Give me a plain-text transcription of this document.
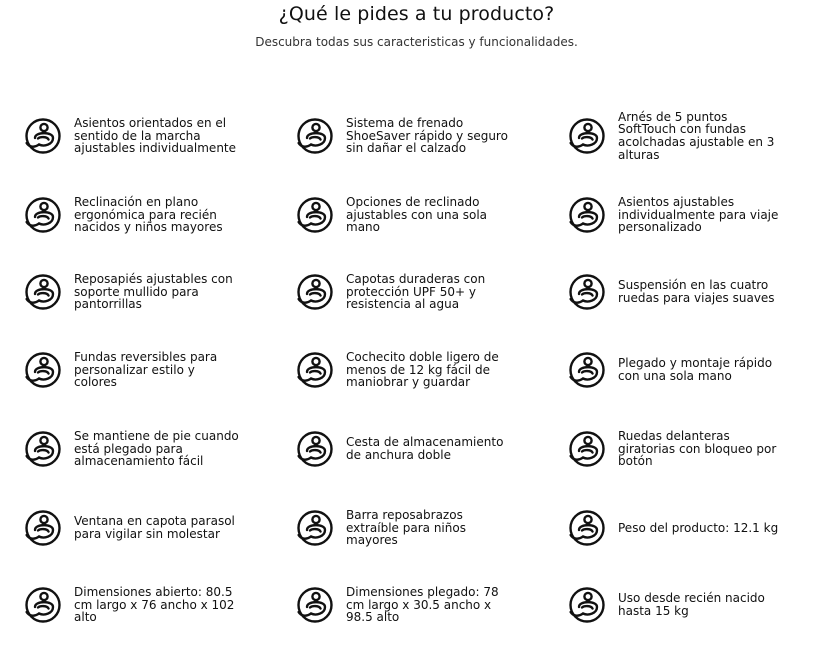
¿Qué le pides a tu producto?
Descubra todas sus caracteristicas y funcionalidades.
Asientos orientados en el sentido de la marcha ajustables individualmente
Sistema de frenado ShoeSaver rápido y seguro sin dañar el calzado
Arnés de 5 puntos SoftTouch con fundas acolchadas ajustable en 3 alturas
Reclinación en plano ergonómica para recién nacidos y niños mayores
Opciones de reclinado ajustables con una sola mano
Asientos ajustables individualmente para viaje personalizado
Reposapiés ajustables con soporte mullido para pantorrillas
Capotas duraderas con protección UPF 50+ y resistencia al agua
Suspensión en las cuatro ruedas para viajes suaves
Fundas reversibles para personalizar estilo y colores
Cochecito doble ligero de menos de 12 kg fácil de maniobrar y guardar
Plegado y montaje rápido con una sola mano
Se mantiene de pie cuando está plegado para almacenamiento fácil
Cesta de almacenamiento de anchura doble
Ruedas delanteras giratorias con bloqueo por botón
Ventana en capota parasol para vigilar sin molestar
Barra reposabrazos extraíble para niños mayores
Peso del producto: 12.1 kg
Dimensiones abierto: 80.5 cm largo x 76 ancho x 102 alto
Dimensiones plegado: 78 cm largo x 30.5 ancho x 98.5 alto
Uso desde recién nacido hasta 15 kg
